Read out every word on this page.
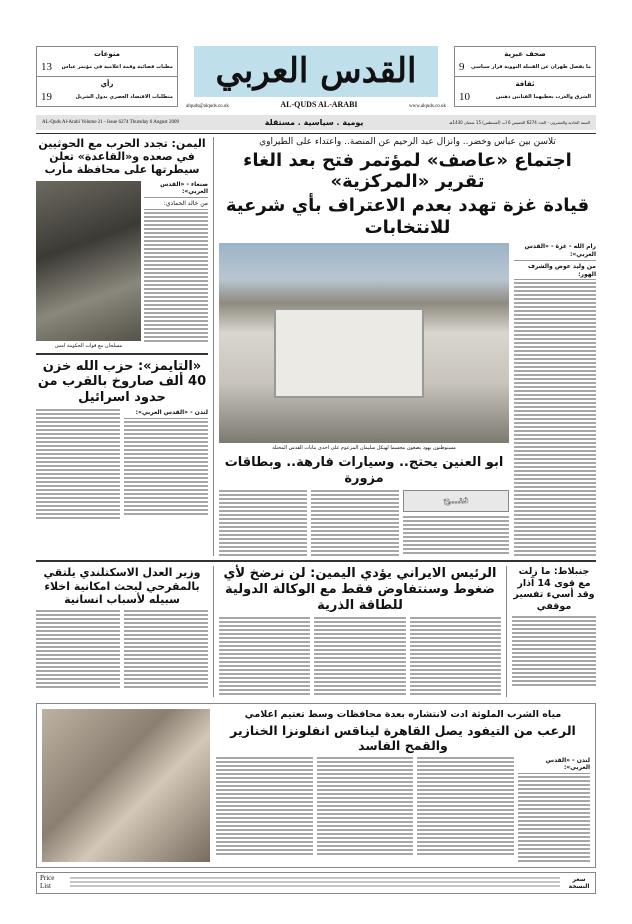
منوعات
مطبات فضائية وقمة اعلامية في مؤتمر عباس
13
رأي
متطلبات الاقتصاد العصري بدول الشريل
19
القدس العربي
alquds@alquds.co.uk	AL-QUDS AL-ARABI	www.alquds.co.uk
صحف عبرية
ما يفصل طهران عن القنبلة النووية قرار سياسي
9
ثقافة
الشرق والغرب بعطيهما الفنانين ذهنين
10
AL-Quds Al-Arabi Volume 21 - Issue 6274 Thursday 6 August 2009	يومية . سياسية . مستقلة	السنة الحادية والعشرون - العدد 6274 الخميس 6 آب (أغسطس) 15 شعبان 1430هـ
اليمن: تجدد الحرب مع الحوثيين في صعده و«القاعدة» تعلن سيطرتها على محافظة مأرب
مسلحان مع قوات الحكومة امس
صنعاء - «القدس العربي»:
من خالد الحمادي:
«التايمز»: حزب الله خزن 40 ألف صاروخ بالقرب من حدود اسرائيل
لندن - «القدس العربي»:
تلاسن بين عباس وخضر.. وانزال عبد الرحيم عن المنصة.. واعتداء على الطيراوي
اجتماع «عاصف» لمؤتمر فتح بعد الغاء تقرير «المركزية»
قيادة غزة تهدد بعدم الاعتراف بأي شرعية للانتخابات
مستوطنون يهود يضعون مجسما لهيكل سليمان المزعوم على احدى بنايات القدس المحتلة
ابو العنين يحتج.. وسيارات فارهة.. وبطاقات مزورة
فتـــح
رام الله - غزة - «القدس العربي»:
من وليد عوض والشرف الهور:
وزير العدل الاسكتلندي يلتقي بالمقرحي لبحث امكانية اخلاء سبيله لأسباب انسانية
الرئيس الايراني يؤدي اليمين: لن نرضخ لأي ضغوط وسنتفاوض فقط مع الوكالة الدولية للطاقة الذرية
جنبلاط: ما زلت مع قوى 14 آذار وقد أسيء تفسير موقفي
مياه الشرب الملوثة ادت لانتشاره بعدة محافظات وسط تعتيم اعلامي
الرعب من التيفود يصل القاهرة ليناقس انفلونزا الخنازير والقمح الفاسد
لندن - «القدس العربي»:
Price List
سعر النسخة
